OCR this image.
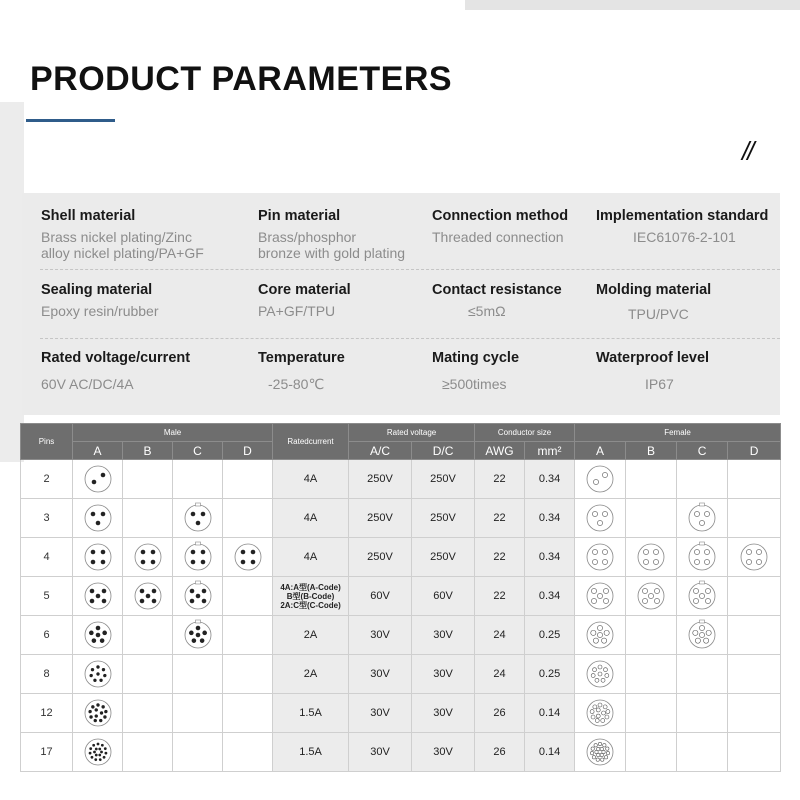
PRODUCT PARAMETERS
//
Shell material
Brass nickel plating/Zinc
alloy nickel plating/PA+GF
Pin material
Brass/phosphor
bronze with gold plating
Connection method
Threaded connection
Implementation standard
IEC61076-2-101
Sealing material
Epoxy resin/rubber
Core material
PA+GF/TPU
Contact resistance
≤5mΩ
Molding material
TPU/PVC
Rated voltage/current
60V AC/DC/4A
Temperature
-25-80℃
Mating cycle
≥500times
Waterproof level
IP67
Pins	Male				Ratedcurrent	Rated voltage		Conductor size		Female			
	A	B	C	D		A/C	D/C	AWG	mm²	A	B	C	D
2					4A	250V	250V	22	0.34	

3					4A	250V	250V	22	0.34	

4					4A	250V	250V	22	0.34	

5					4A:A型(A-Code)
B型(B-Code)
2A:C型(C-Code)	60V	60V	22	0.34	

6					2A	30V	30V	24	0.25	

8					2A	30V	30V	24	0.25	

12					1.5A	30V	30V	26	0.14	

17					1.5A	30V	30V	26	0.14	
